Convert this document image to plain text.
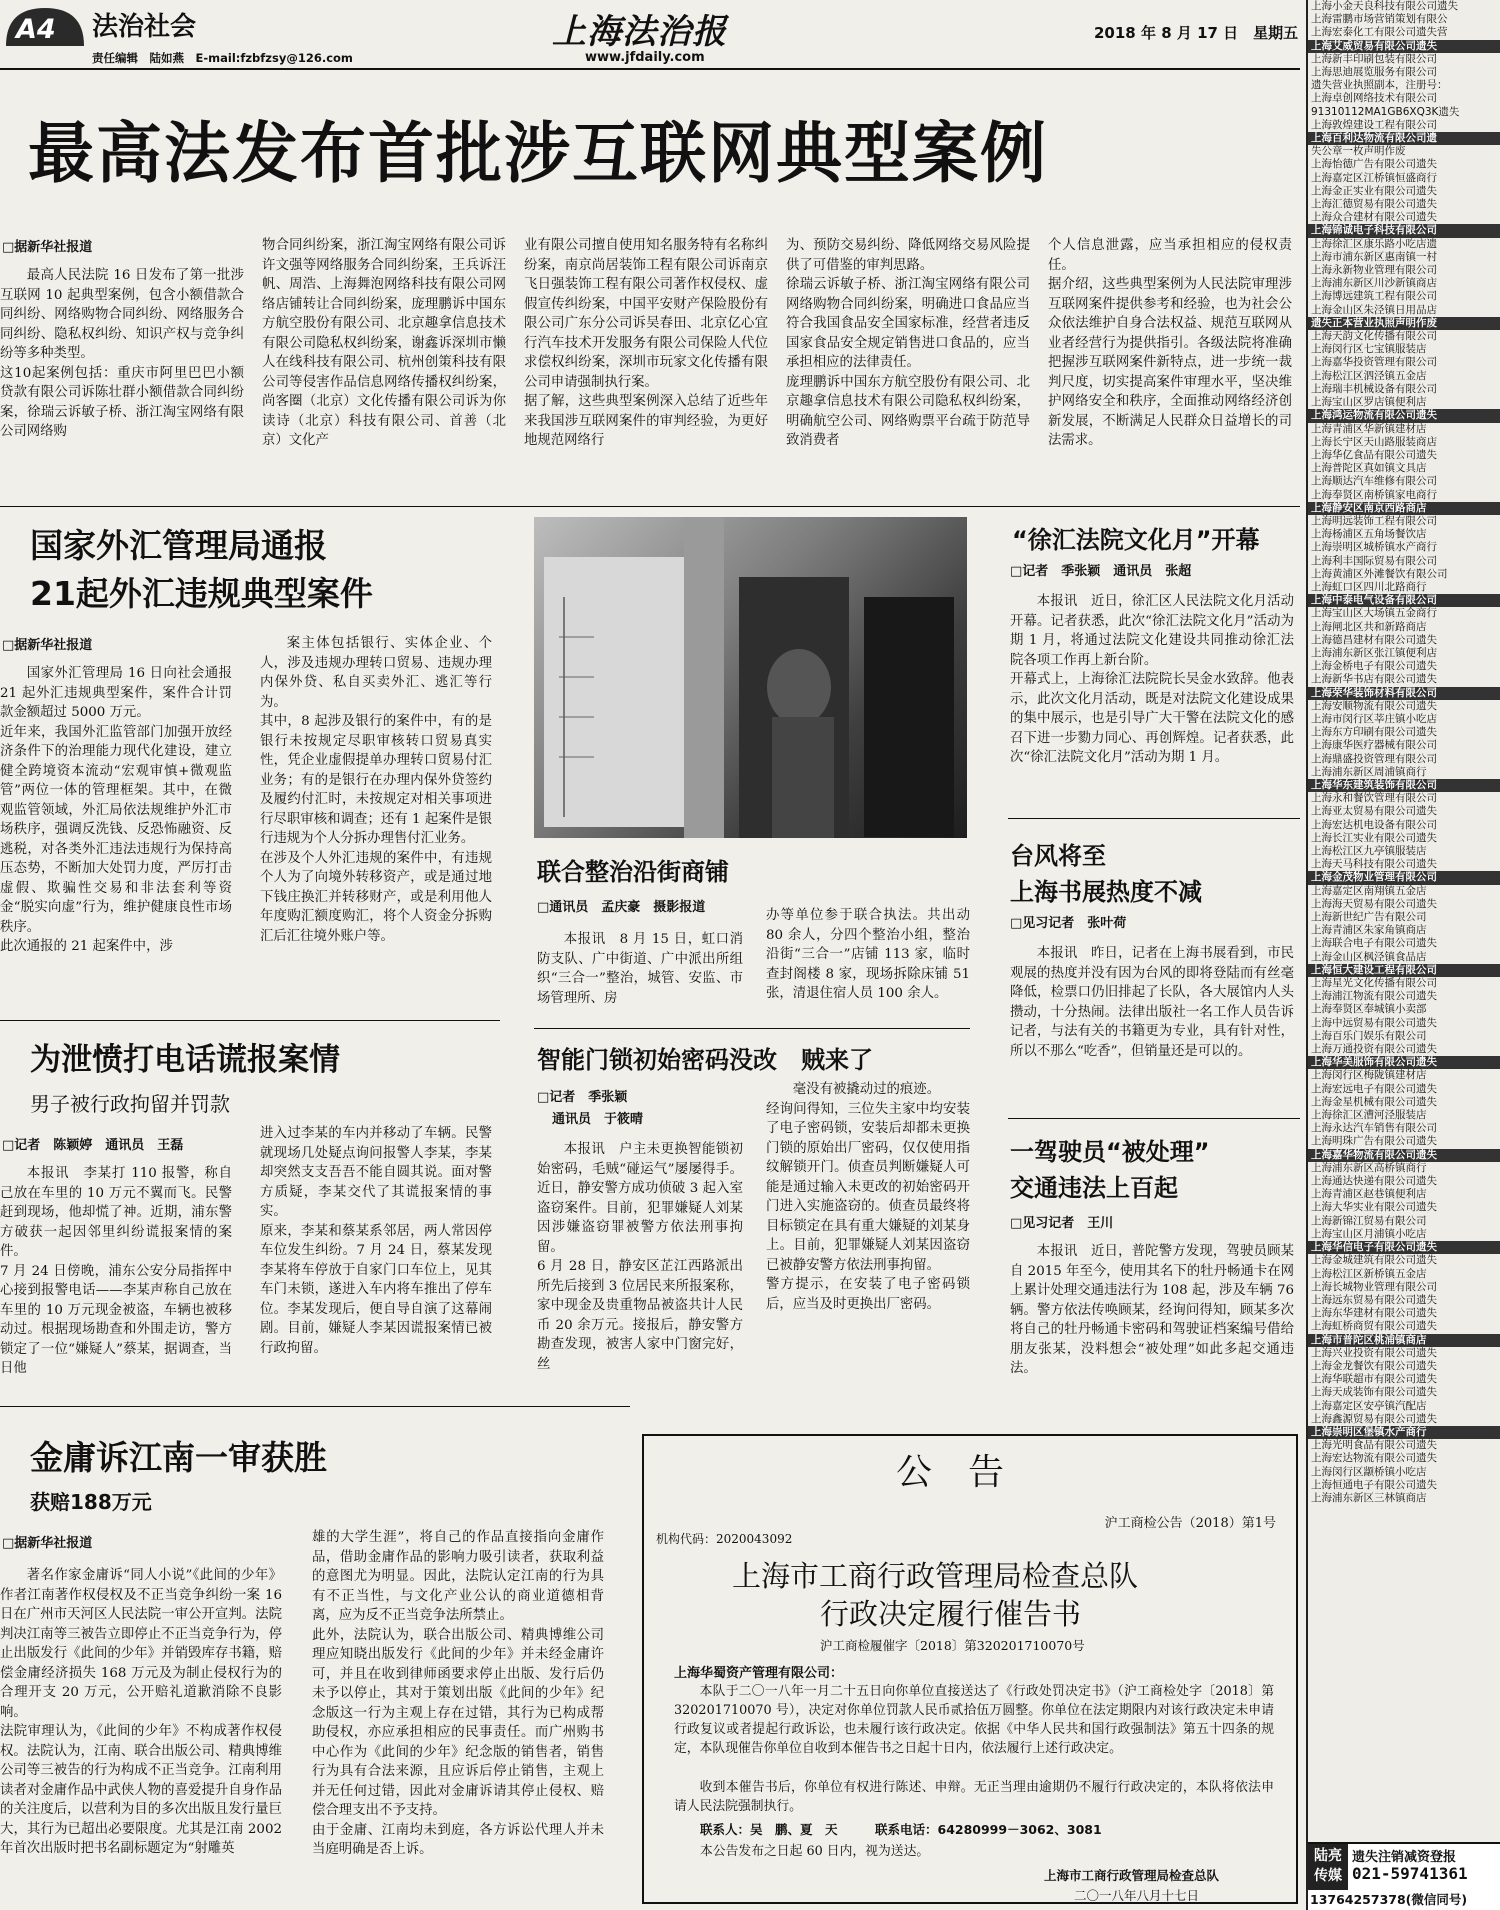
A4 法治社会
责任编辑　陆如燕　E-mail:fzbfzsy@126.com
上海法治报
www.jfdaily.com
2018 年 8 月 17 日　星期五
最高法发布首批涉互联网典型案例
□据新华社报道

最高人民法院 16 日发布了第一批涉互联网 10 起典型案例，包含小额借款合同纠纷、网络购物合同纠纷、网络服务合同纠纷、隐私权纠纷、知识产权与竞争纠纷等多种类型。
这10起案例包括：重庆市阿里巴巴小额贷款有限公司诉陈壮群小额借款合同纠纷案，徐瑞云诉敏子桥、浙江淘宝网络有限公司网络购

物合同纠纷案，浙江淘宝网络有限公司诉许文强等网络服务合同纠纷案，王兵诉汪帆、周浩、上海舞泡网络科技有限公司网络店铺转让合同纠纷案，庞理鹏诉中国东方航空股份有限公司、北京趣拿信息技术有限公司隐私权纠纷案，谢鑫诉深圳市懒人在线科技有限公司、杭州创策科技有限公司等侵害作品信息网络传播权纠纷案，尚客圈（北京）文化传播有限公司诉为你读诗（北京）科技有限公司、首善（北京）文化产

业有限公司擅自使用知名服务特有名称纠纷案，南京尚居装饰工程有限公司诉南京飞日强装饰工程有限公司著作权侵权、虚假宣传纠纷案，中国平安财产保险股份有限公司广东分公司诉吴春田、北京亿心宜行汽车技术开发服务有限公司保险人代位求偿权纠纷案，深圳市玩家文化传播有限公司申请强制执行案。
据了解，这些典型案例深入总结了近些年来我国涉互联网案件的审判经验，为更好地规范网络行

为、预防交易纠纷、降低网络交易风险提供了可借鉴的审判思路。
徐瑞云诉敏子桥、浙江淘宝网络有限公司网络购物合同纠纷案，明确进口食品应当符合我国食品安全国家标准，经营者违反国家食品安全规定销售进口食品的，应当承担相应的法律责任。
庞理鹏诉中国东方航空股份有限公司、北京趣拿信息技术有限公司隐私权纠纷案，明确航空公司、网络购票平台疏于防范导致消费者

个人信息泄露，应当承担相应的侵权责任。
据介绍，这些典型案例为人民法院审理涉互联网案件提供参考和经验，也为社会公众依法维护自身合法权益、规范互联网从业者经营行为提供指引。各级法院将准确把握涉互联网案件新特点，进一步统一裁判尺度，切实提高案件审理水平，坚决维护网络安全和秩序，全面推动网络经济创新发展，不断满足人民群众日益增长的司法需求。

国家外汇管理局通报
21起外汇违规典型案件
□据新华社报道

国家外汇管理局 16 日向社会通报 21 起外汇违规典型案件，案件合计罚款金额超过 5000 万元。
近年来，我国外汇监管部门加强开放经济条件下的治理能力现代化建设，建立健全跨境资本流动“宏观审慎+微观监管”两位一体的管理框架。其中，在微观监管领域，外汇局依法规维护外汇市场秩序，强调反洗钱、反恐怖融资、反逃税，对各类外汇违法违规行为保持高压态势，不断加大处罚力度，严厉打击虚假、欺骗性交易和非法套利等资金“脱实向虚”行为，维护健康良性市场秩序。
此次通报的 21 起案件中，涉

案主体包括银行、实体企业、个人，涉及违规办理转口贸易、违规办理内保外贷、私自买卖外汇、逃汇等行为。
其中，8 起涉及银行的案件中，有的是银行未按规定尽职审核转口贸易真实性，凭企业虚假提单办理转口贸易付汇业务；有的是银行在办理内保外贷签约及履约付汇时，未按规定对相关事项进行尽职审核和调查；还有 1 起案件是银行违规为个人分拆办理售付汇业务。
在涉及个人外汇违规的案件中，有违规个人为了向境外转移资产，或是通过地下钱庄换汇并转移财产，或是利用他人年度购汇额度购汇，将个人资金分拆购汇后汇往境外账户等。

联合整治沿街商铺
□通讯员　孟庆豪　摄影报道

本报讯　8 月 15 日，虹口消防支队、广中街道、广中派出所组织“三合一”整治，城管、安监、市场管理所、房

办等单位参于联合执法。共出动 80 余人，分四个整治小组，整治沿街“三合一”店铺 113 家，临时查封阁楼 8 家，现场拆除床铺 51 张，清退住宿人员 100 余人。

智能门锁初始密码没改　贼来了
□记者　季张颖
通讯员　于筱晴

本报讯　户主未更换智能锁初始密码，毛贼“碰运气”屡屡得手。近日，静安警方成功侦破 3 起入室盗窃案件。目前，犯罪嫌疑人刘某因涉嫌盗窃罪被警方依法刑事拘留。
6 月 28 日，静安区芷江西路派出所先后接到 3 位居民来所报案称，家中现金及贵重物品被盗共计人民币 20 余万元。接报后，静安警方勘查发现，被害人家中门窗完好，丝

毫没有被撬动过的痕迹。
经询问得知，三位失主家中均安装了电子密码锁，安装后却都未更换门锁的原始出厂密码，仅仅使用指纹解锁开门。侦查员判断嫌疑人可能是通过输入未更改的初始密码开门进入实施盗窃的。侦查员最终将目标锁定在具有重大嫌疑的刘某身上。目前，犯罪嫌疑人刘某因盗窃已被静安警方依法刑事拘留。
警方提示，在安装了电子密码锁后，应当及时更换出厂密码。

“徐汇法院文化月”开幕
□记者　季张颖　通讯员　张超

本报讯　近日，徐汇区人民法院文化月活动开幕。记者获悉，此次“徐汇法院文化月”活动为期 1 月，将通过法院文化建设共同推动徐汇法院各项工作再上新台阶。
开幕式上，上海徐汇法院院长吴金水致辞。他表示，此次文化月活动，既是对法院文化建设成果的集中展示，也是引导广大干警在法院文化的感召下进一步勠力同心、再创辉煌。记者获悉，此次“徐汇法院文化月”活动为期 1 月。

台风将至
上海书展热度不减
□见习记者　张叶荷

本报讯　昨日，记者在上海书展看到，市民观展的热度并没有因为台风的即将登陆而有丝毫降低，检票口仍旧排起了长队，各大展馆内人头攒动，十分热闹。法律出版社一名工作人员告诉记者，与法有关的书籍更为专业，具有针对性，所以不那么“吃香”，但销量还是可以的。

一驾驶员“被处理”
交通违法上百起
□见习记者　王川

本报讯　近日，普陀警方发现，驾驶员顾某自 2015 年至今，使用其名下的牡丹畅通卡在网上累计处理交通违法行为 108 起，涉及车辆 76 辆。警方依法传唤顾某，经询问得知，顾某多次将自己的牡丹畅通卡密码和驾驶证档案编号借给朋友张某，没料想会“被处理”如此多起交通违法。

为泄愤打电话谎报案情
男子被行政拘留并罚款
□记者　陈颖婷　通讯员　王磊

本报讯　李某打 110 报警，称自己放在车里的 10 万元不翼而飞。民警赶到现场，他却慌了神。近期，浦东警方破获一起因邻里纠纷谎报案情的案件。
7 月 24 日傍晚，浦东公安分局指挥中心接到报警电话——李某声称自己放在车里的 10 万元现金被盗，车辆也被移动过。根据现场勘查和外围走访，警方锁定了一位“嫌疑人”蔡某，据调查，当日他

进入过李某的车内并移动了车辆。民警就现场几处疑点询问报警人李某，李某却突然支支吾吾不能自圆其说。面对警方质疑，李某交代了其谎报案情的事实。
原来，李某和蔡某系邻居，两人常因停车位发生纠纷。7 月 24 日，蔡某发现李某将车停放于自家门口车位上，见其车门未锁，遂进入车内将车推出了停车位。李某发现后，便自导自演了这幕闹剧。目前，嫌疑人李某因谎报案情已被行政拘留。

金庸诉江南一审获胜
获赔188万元
□据新华社报道

著名作家金庸诉“同人小说”《此间的少年》作者江南著作权侵权及不正当竞争纠纷一案 16 日在广州市天河区人民法院一审公开宣判。法院判决江南等三被告立即停止不正当竞争行为，停止出版发行《此间的少年》并销毁库存书籍，赔偿金庸经济损失 168 万元及为制止侵权行为的合理开支 20 万元，公开赔礼道歉消除不良影响。
法院审理认为，《此间的少年》不构成著作权侵权。法院认为，江南、联合出版公司、精典博维公司等三被告的行为构成不正当竞争。江南利用读者对金庸作品中武侠人物的喜爱提升自身作品的关注度后，以营利为目的多次出版且发行量巨大，其行为已超出必要限度。尤其是江南 2002 年首次出版时把书名副标题定为“射雕英

雄的大学生涯”，将自己的作品直接指向金庸作品，借助金庸作品的影响力吸引读者，获取利益的意图尤为明显。因此，法院认定江南的行为具有不正当性，与文化产业公认的商业道德相背离，应为反不正当竞争法所禁止。
此外，法院认为，联合出版公司、精典博维公司理应知晓出版发行《此间的少年》并未经金庸许可，并且在收到律师函要求停止出版、发行后仍未予以停止，其对于策划出版《此间的少年》纪念版这一行为主观上存在过错，其行为已构成帮助侵权，亦应承担相应的民事责任。而广州购书中心作为《此间的少年》纪念版的销售者，销售行为具有合法来源，且应诉后停止销售，主观上并无任何过错，因此对金庸诉请其停止侵权、赔偿合理支出不予支持。
由于金庸、江南均未到庭，各方诉讼代理人并未当庭明确是否上诉。

公　告
沪工商检公告（2018）第1号
机构代码：2020043092
上海市工商行政管理局检查总队
行政决定履行催告书
沪工商检履催字〔2018〕第320201710070号
上海华蜀资产管理有限公司：

本队于二〇一八年一月二十五日向你单位直接送达了《行政处罚决定书》（沪工商检处字〔2018〕第 320201710070 号），决定对你单位罚款人民币贰拾伍万圆整。你单位在法定期限内对该行政决定未申请行政复议或者提起行政诉讼，也未履行该行政决定。依据《中华人民共和国行政强制法》第五十四条的规定，本队现催告你单位自收到本催告书之日起十日内，依法履行上述行政决定。

收到本催告书后，你单位有权进行陈述、申辩。无正当理由逾期仍不履行行政决定的，本队将依法申请人民法院强制执行。

联系人：吴　鹏、夏　天　　　联系电话：64280999－3062、3081
本公告发布之日起 60 日内，视为送达。
上海市工商行政管理局检查总队
二〇一八年八月十七日
上海小金天良科技有限公司遗失
上海雷鹏市场营销策划有限公
上海宏泰化工有限公司遗失营
上海艾威贸易有限公司遗失
上海新丰印刷包装有限公司
上海思迪展览服务有限公司
遗失营业执照副本，注册号：
上海卓创网络技术有限公司
91310112MA1GB6XQ3K遗失
上海敦煌建设工程有限公司
上海百利达物流有限公司遗
失公章一枚声明作废
上海怡德广告有限公司遗失
上海嘉定区江桥镇恒盛商行
上海金正实业有限公司遗失
上海汇德贸易有限公司遗失
上海众合建材有限公司遗失
上海锦诚电子科技有限公司
上海徐汇区康乐路小吃店遗
上海市浦东新区惠南镇一村
上海永新物业管理有限公司
上海浦东新区川沙新镇商店
上海博远建筑工程有限公司
上海金山区朱泾镇日用品店
遗失正本营业执照声明作废
上海天韵文化传播有限公司
上海闵行区七宝镇服装店
上海嘉华投资管理有限公司
上海松江区泗泾镇五金店
上海瑞丰机械设备有限公司
上海宝山区罗店镇便利店
上海鸿运物流有限公司遗失
上海青浦区华新镇建材店
上海长宁区天山路服装商店
上海华亿食品有限公司遗失
上海普陀区真如镇文具店
上海顺达汽车维修有限公司
上海奉贤区南桥镇家电商行
上海静安区南京西路商店
上海明远装饰工程有限公司
上海杨浦区五角场餐饮店
上海崇明区城桥镇水产商行
上海利丰国际贸易有限公司
上海黄浦区外滩餐饮有限公司
上海虹口区四川北路商行
上海中泰电气设备有限公司
上海宝山区大场镇五金商行
上海闸北区共和新路商店
上海德昌建材有限公司遗失
上海浦东新区张江镇便利店
上海金桥电子有限公司遗失
上海新华书店有限公司遗失
上海荣华装饰材料有限公司
上海安顺物流有限公司遗失
上海市闵行区莘庄镇小吃店
上海东方印刷有限公司遗失
上海康华医疗器械有限公司
上海鼎盛投资管理有限公司
上海浦东新区周浦镇商行
上海华东建筑装饰有限公司
上海永和餐饮管理有限公司
上海亚太贸易有限公司遗失
上海宏达机电设备有限公司
上海长江实业有限公司遗失
上海松江区九亭镇服装店
上海天马科技有限公司遗失
上海金茂物业管理有限公司
上海嘉定区南翔镇五金店
上海海天贸易有限公司遗失
上海新世纪广告有限公司
上海青浦区朱家角镇商店
上海联合电子有限公司遗失
上海金山区枫泾镇食品店
上海恒大建设工程有限公司
上海星光文化传播有限公司
上海浦江物流有限公司遗失
上海奉贤区奉城镇小卖部
上海中远贸易有限公司遗失
上海百乐门娱乐有限公司
上海万通投资有限公司遗失
上海华美服饰有限公司遗失
上海闵行区梅陇镇建材店
上海宏远电子有限公司遗失
上海金星机械有限公司遗失
上海徐汇区漕河泾服装店
上海永达汽车销售有限公司
上海明珠广告有限公司遗失
上海嘉华物流有限公司遗失
上海浦东新区高桥镇商行
上海通达快递有限公司遗失
上海青浦区赵巷镇便利店
上海大华实业有限公司遗失
上海新锦江贸易有限公司
上海宝山区月浦镇小吃店
上海华信电子有限公司遗失
上海金城建筑有限公司遗失
上海松江区新桥镇五金店
上海长城物业管理有限公司
上海远东贸易有限公司遗失
上海东华建材有限公司遗失
上海虹桥商贸有限公司遗失
上海市普陀区桃浦镇商店
上海兴业投资有限公司遗失
上海金龙餐饮有限公司遗失
上海华联超市有限公司遗失
上海天成装饰有限公司遗失
上海嘉定区安亭镇汽配店
上海鑫源贸易有限公司遗失
上海崇明区堡镇水产商行
上海光明食品有限公司遗失
上海宏达物流有限公司遗失
上海闵行区颛桥镇小吃店
上海恒通电子有限公司遗失
上海浦东新区三林镇商店
陆亮
传媒
遗失注销减资登报
021-59741361
13764257378(微信同号)
